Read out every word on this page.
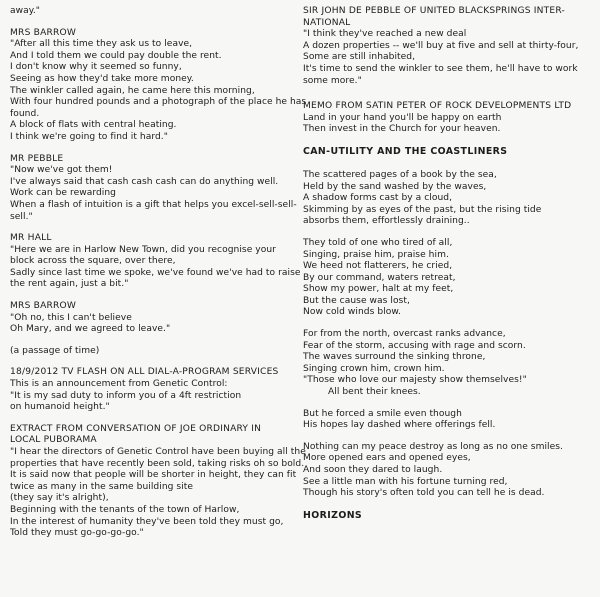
away."
MRS BARROW
"After all this time they ask us to leave,
And I told them we could pay double the rent.
I don't know why it seemed so funny,
Seeing as how they'd take more money.
The winkler called again, he came here this morning,
With four hundred pounds and a photograph of the place he has
found.
A block of flats with central heating.
I think we're going to find it hard."
MR PEBBLE
"Now we've got them!
I've always said that cash cash cash can do anything well.
Work can be rewarding
When a flash of intuition is a gift that helps you excel-sell-sell-
sell."
MR HALL
"Here we are in Harlow New Town, did you recognise your
block across the square, over there,
Sadly since last time we spoke, we've found we've had to raise
the rent again, just a bit."
MRS BARROW
"Oh no, this I can't believe
Oh Mary, and we agreed to leave."
(a passage of time)
18/9/2012 TV FLASH ON ALL DIAL-A-PROGRAM SERVICES
This is an announcement from Genetic Control:
"It is my sad duty to inform you of a 4ft restriction
on humanoid height."
EXTRACT FROM CONVERSATION OF JOE ORDINARY IN
LOCAL PUBORAMA
"I hear the directors of Genetic Control have been buying all the
properties that have recently been sold, taking risks oh so bold.
It is said now that people will be shorter in height, they can fit
twice as many in the same building site
(they say it's alright),
Beginning with the tenants of the town of Harlow,
In the interest of humanity they've been told they must go,
Told they must go-go-go-go."
SIR JOHN DE PEBBLE OF UNITED BLACKSPRINGS INTER-
NATIONAL
"I think they've reached a new deal
A dozen properties -- we'll buy at five and sell at thirty-four,
Some are still inhabited,
It's time to send the winkler to see them, he'll have to work
some more."
MEMO FROM SATIN PETER OF ROCK DEVELOPMENTS LTD
Land in your hand you'll be happy on earth
Then invest in the Church for your heaven.
CAN-UTILITY AND THE COASTLINERS
The scattered pages of a book by the sea,
Held by the sand washed by the waves,
A shadow forms cast by a cloud,
Skimming by as eyes of the past, but the rising tide
absorbs them, effortlessly draining..
They told of one who tired of all,
Singing, praise him, praise him.
We heed not flatterers, he cried,
By our command, waters retreat,
Show my power, halt at my feet,
But the cause was lost,
Now cold winds blow.
For from the north, overcast ranks advance,
Fear of the storm, accusing with rage and scorn.
The waves surround the sinking throne,
Singing crown him, crown him.
"Those who love our majesty show themselves!"
All bent their knees.
But he forced a smile even though
His hopes lay dashed where offerings fell.
Nothing can my peace destroy as long as no one smiles.
More opened ears and opened eyes,
And soon they dared to laugh.
See a little man with his fortune turning red,
Though his story's often told you can tell he is dead.
HORIZONS
